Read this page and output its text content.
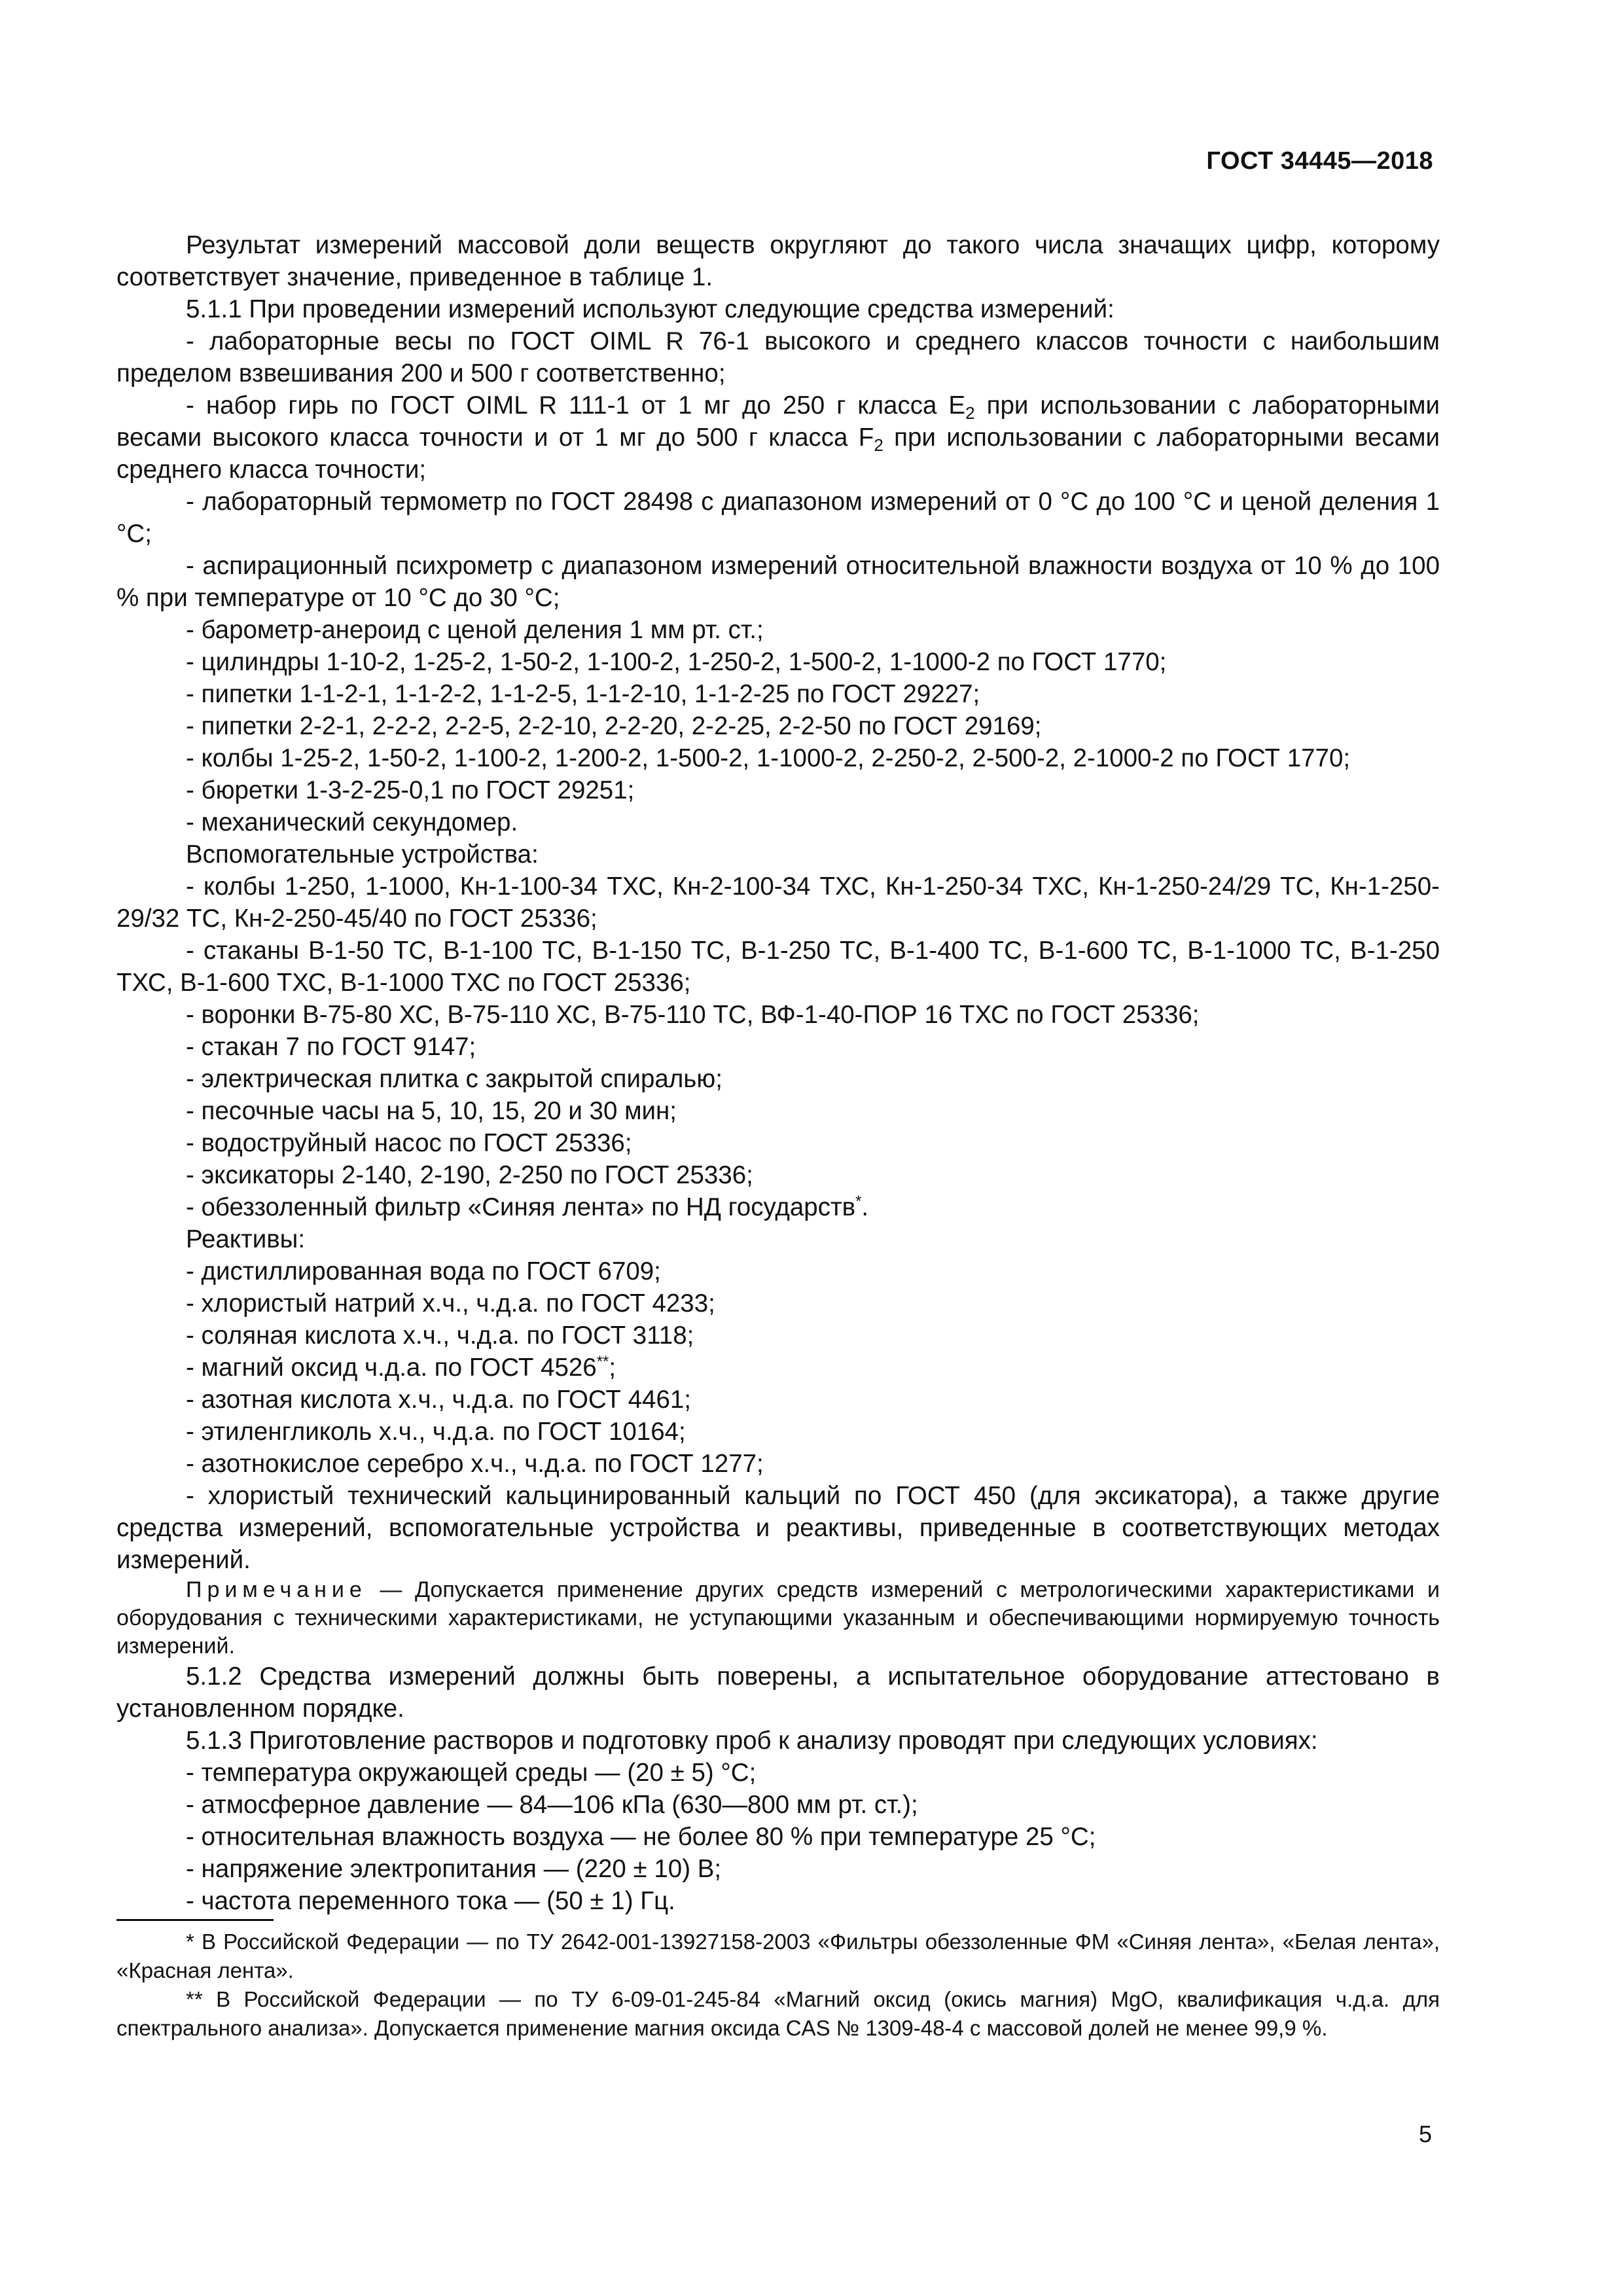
ГОСТ 34445—2018

Результат измерений массовой доли веществ округляют до такого числа значащих цифр, которому соответствует значение, приведенное в таблице 1.

5.1.1 При проведении измерений используют следующие средства измерений:

- лабораторные весы по ГОСТ OIML R 76-1 высокого и среднего классов точности с наибольшим пределом взвешивания 200 и 500 г соответственно;

- набор гирь по ГОСТ OIML R 111-1 от 1 мг до 250 г класса $E_2$ при использовании с лабораторными весами высокого класса точности и от 1 мг до 500 г класса $F_2$ при использовании с лабораторными весами среднего класса точности;

- лабораторный термометр по ГОСТ 28498 с диапазоном измерений от 0 °С до 100 °С и ценой деления 1 °С;

- аспирационный психрометр с диапазоном измерений относительной влажности воздуха от 10 % до 100 % при температуре от 10 °С до 30 °С;

- барометр-анероид с ценой деления 1 мм рт. ст.;

- цилиндры 1-10-2, 1-25-2, 1-50-2, 1-100-2, 1-250-2, 1-500-2, 1-1000-2 по ГОСТ 1770;

- пипетки 1-1-2-1, 1-1-2-2, 1-1-2-5, 1-1-2-10, 1-1-2-25 по ГОСТ 29227;

- пипетки 2-2-1, 2-2-2, 2-2-5, 2-2-10, 2-2-20, 2-2-25, 2-2-50 по ГОСТ 29169;

- колбы 1-25-2, 1-50-2, 1-100-2, 1-200-2, 1-500-2, 1-1000-2, 2-250-2, 2-500-2, 2-1000-2 по ГОСТ 1770;

- бюретки 1-3-2-25-0,1 по ГОСТ 29251;

- механический секундомер.

Вспомогательные устройства:

- колбы 1-250, 1-1000, Кн-1-100-34 ТХС, Кн-2-100-34 ТХС, Кн-1-250-34 ТХС, Кн-1-250-24/29 ТС, Кн-1-250-29/32 ТС, Кн-2-250-45/40 по ГОСТ 25336;

- стаканы В-1-50 ТС, В-1-100 ТС, В-1-150 ТС, В-1-250 ТС, В-1-400 ТС, В-1-600 ТС, В-1-1000 ТС, В-1-250 ТХС, В-1-600 ТХС, В-1-1000 ТХС по ГОСТ 25336;

- воронки В-75-80 ХС, В-75-110 ХС, В-75-110 ТС, ВФ-1-40-ПОР 16 ТХС по ГОСТ 25336;

- стакан 7 по ГОСТ 9147;

- электрическая плитка с закрытой спиралью;

- песочные часы на 5, 10, 15, 20 и 30 мин;

- водоструйный насос по ГОСТ 25336;

- эксикаторы 2-140, 2-190, 2-250 по ГОСТ 25336;

- обеззоленный фильтр «Синяя лента» по НД государств*.

Реактивы:

- дистиллированная вода по ГОСТ 6709;

- хлористый натрий х.ч., ч.д.а. по ГОСТ 4233;

- соляная кислота х.ч., ч.д.а. по ГОСТ 3118;

- магний оксид ч.д.а. по ГОСТ 4526**;

- азотная кислота х.ч., ч.д.а. по ГОСТ 4461;

- этиленгликоль х.ч., ч.д.а. по ГОСТ 10164;

- азотнокислое серебро х.ч., ч.д.а. по ГОСТ 1277;

- хлористый технический кальцинированный кальций по ГОСТ 450 (для эксикатора), а также другие средства измерений, вспомогательные устройства и реактивы, приведенные в соответствующих методах измерений.

Примечание — Допускается применение других средств измерений с метрологическими характеристиками и оборудования с техническими характеристиками, не уступающими указанным и обеспечивающими нормируемую точность измерений.

5.1.2 Средства измерений должны быть поверены, а испытательное оборудование аттестовано в установленном порядке.

5.1.3 Приготовление растворов и подготовку проб к анализу проводят при следующих условиях:

- температура окружающей среды — (20 ± 5) °С;

- атмосферное давление — 84—106 кПа (630—800 мм рт. ст.);

- относительная влажность воздуха — не более 80 % при температуре 25 °С;

- напряжение электропитания — (220 ± 10) В;

- частота переменного тока — (50 ± 1) Гц.

* В Российской Федерации — по ТУ 2642-001-13927158-2003 «Фильтры обеззоленные ФМ «Синяя лента», «Белая лента», «Красная лента».

** В Российской Федерации — по ТУ 6-09-01-245-84 «Магний оксид (окись магния) MgO, квалификация ч.д.а. для спектрального анализа». Допускается применение магния оксида CAS № 1309-48-4 с массовой долей не менее 99,9 %.

5
